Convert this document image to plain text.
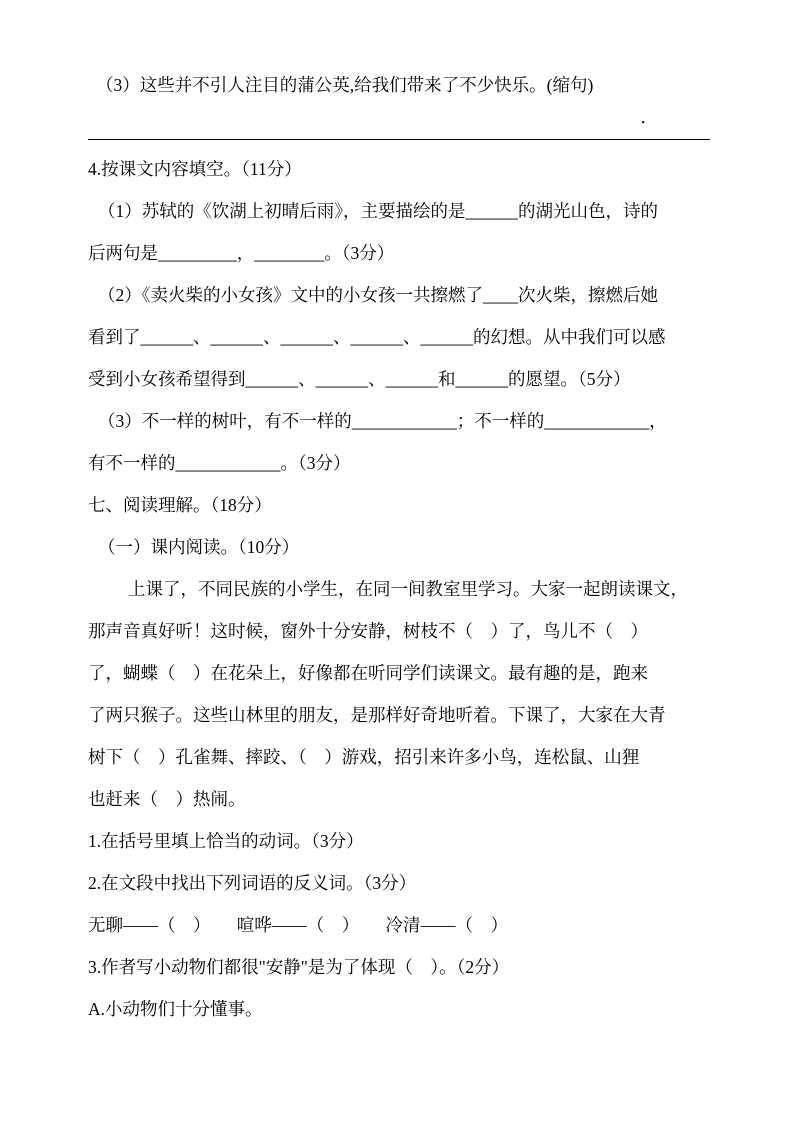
（3）这些并不引人注目的蒲公英,给我们带来了不少快乐。(缩句)
．
4.按课文内容填空。（11分）
（1）苏轼的《饮湖上初晴后雨》，主要描绘的是______的湖光山色，诗的
后两句是_________，________。（3分）
（2）《卖火柴的小女孩》文中的小女孩一共擦燃了____次火柴，擦燃后她
看到了______、______、______、______、______的幻想。从中我们可以感
受到小女孩希望得到______、______、______和______的愿望。（5分）
（3）不一样的树叶，有不一样的____________；不一样的____________，
有不一样的____________。（3分）
七、阅读理解。（18分）
（一）课内阅读。（10分）
上课了，不同民族的小学生，在同一间教室里学习。大家一起朗读课文，
那声音真好听！这时候，窗外十分安静，树枝不（　）了，鸟儿不（　）
了，蝴蝶（　）在花朵上，好像都在听同学们读课文。最有趣的是，跑来
了两只猴子。这些山林里的朋友，是那样好奇地听着。下课了，大家在大青
树下（　）孔雀舞、摔跤、（　）游戏，招引来许多小鸟，连松鼠、山狸
也赶来（　）热闹。
1.在括号里填上恰当的动词。（3分）
2.在文段中找出下列词语的反义词。（3分）
无聊——（　）　　喧哗——（　）　　冷清——（　）
3.作者写小动物们都很"安静"是为了体现（　）。（2分）
A.小动物们十分懂事。
